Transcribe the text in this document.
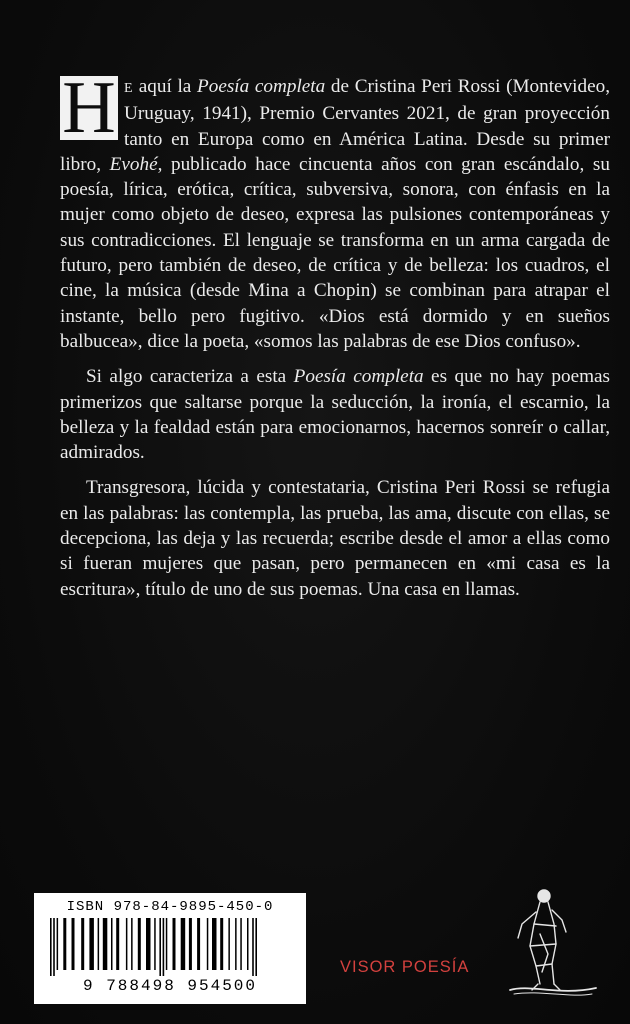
H E aquí la Poesía completa de Cristina Peri Rossi (Montevideo, Uruguay, 1941), Premio Cervantes 2021, de gran proyección tanto en Europa como en América Latina. Desde su primer libro, Evohé, publicado hace cincuenta años con gran escándalo, su poesía, lírica, erótica, crítica, subversiva, sonora, con énfasis en la mujer como objeto de deseo, expresa las pulsiones contemporáneas y sus contradicciones. El lenguaje se transforma en un arma cargada de futuro, pero también de deseo, de crítica y de belleza: los cuadros, el cine, la música (desde Mina a Chopin) se combinan para atrapar el instante, bello pero fugitivo. «Dios está dormido y en sueños balbucea», dice la poeta, «somos las palabras de ese Dios confuso».

Si algo caracteriza a esta Poesía completa es que no hay poemas primerizos que saltarse porque la seducción, la ironía, el escarnio, la belleza y la fealdad están para emocionarnos, hacernos sonreír o callar, admirados.

Transgresora, lúcida y contestataria, Cristina Peri Rossi se refugia en las palabras: las contempla, las prueba, las ama, discute con ellas, se decepciona, las deja y las recuerda; escribe desde el amor a ellas como si fueran mujeres que pasan, pero permanecen en «mi casa es la escritura», título de uno de sus poemas. Una casa en llamas.

ISBN 978-84-9895-450-0
9 788498 954500
VISOR POESÍA
